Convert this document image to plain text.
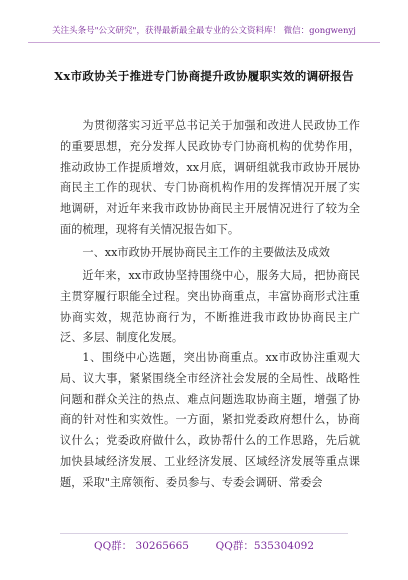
关注头条号"公文研究"，获得最新最全最专业的公文资料库！ 微信：gongwenyj
Xx市政协关于推进专门协商提升政协履职实效的调研报告

为贯彻落实习近平总书记关于加强和改进人民政协工作的重要思想，充分发挥人民政协专门协商机构的优势作用，推动政协工作提质增效，xx月底，调研组就我市政协开展协商民主工作的现状、专门协商机构作用的发挥情况开展了实地调研，对近年来我市政协协商民主开展情况进行了较为全面的梳理，现将有关情况报告如下。

一、xx市政协开展协商民主工作的主要做法及成效

近年来，xx市政协坚持围绕中心，服务大局，把协商民主贯穿履行职能全过程。突出协商重点，丰富协商形式注重协商实效，规范协商行为，不断推进我市政协协商民主广泛、多层、制度化发展。

1、围绕中心选题，突出协商重点。xx市政协注重观大局、议大事，紧紧围绕全市经济社会发展的全局性、战略性问题和群众关注的热点、难点问题选取协商主题，增强了协商的针对性和实效性。一方面，紧扣党委政府想什么，协商议什么；党委政府做什么，政协帮什么的工作思路，先后就加快县域经济发展、工业经济发展、区域经济发展等重点课题，采取"主席领衔、委员参与、专委会调研、常委会

QQ群： 30265665        QQ群：535304092
